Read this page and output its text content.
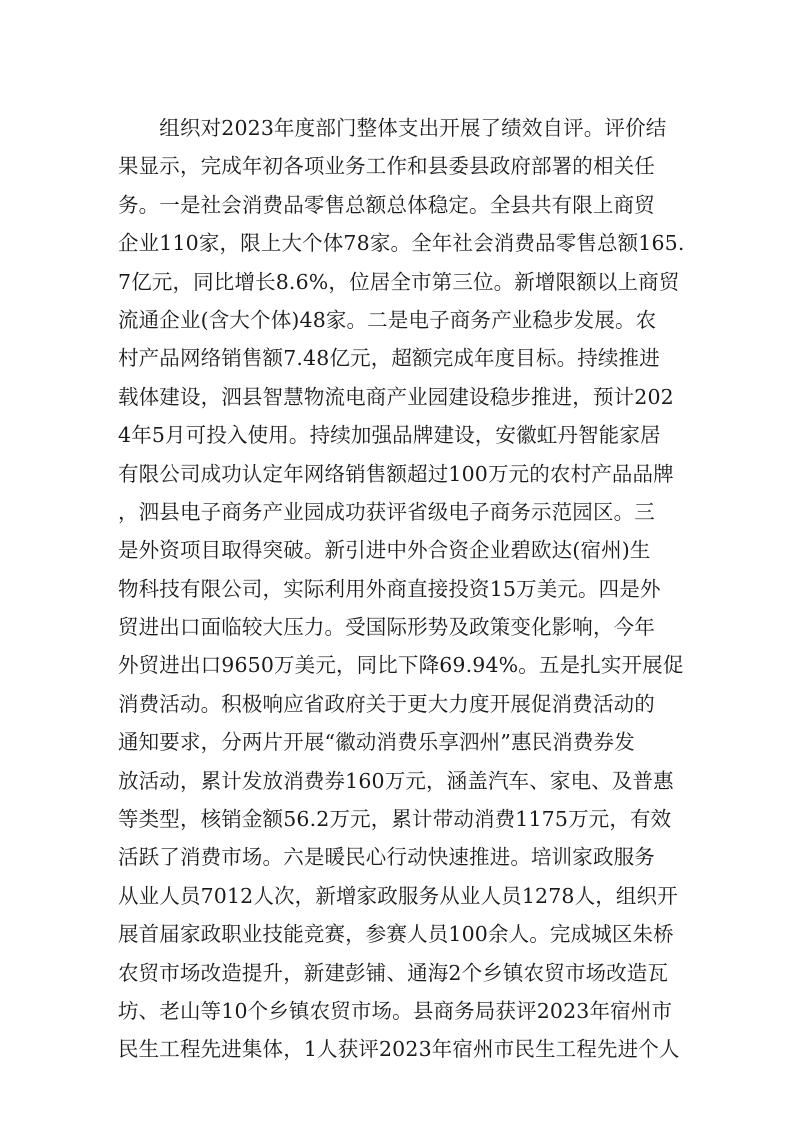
　　组织对2023年度部门整体支出开展了绩效自评。评价结
果显示，完成年初各项业务工作和县委县政府部署的相关任
务。一是社会消费品零售总额总体稳定。全县共有限上商贸
企业110家，限上大个体78家。全年社会消费品零售总额165.
7亿元，同比增长8.6%，位居全市第三位。新增限额以上商贸
流通企业(含大个体)48家。二是电子商务产业稳步发展。农
村产品网络销售额7.48亿元，超额完成年度目标。持续推进
载体建设，泗县智慧物流电商产业园建设稳步推进，预计202
4年5月可投入使用。持续加强品牌建设，安徽虹丹智能家居
有限公司成功认定年网络销售额超过100万元的农村产品品牌
，泗县电子商务产业园成功获评省级电子商务示范园区。三
是外资项目取得突破。新引进中外合资企业碧欧达(宿州)生
物科技有限公司，实际利用外商直接投资15万美元。四是外
贸进出口面临较大压力。受国际形势及政策变化影响，今年
外贸进出口9650万美元，同比下降69.94%。五是扎实开展促
消费活动。积极响应省政府关于更大力度开展促消费活动的
通知要求，分两片开展“徽动消费乐享泗州”惠民消费券发
放活动，累计发放消费券160万元，涵盖汽车、家电、及普惠
等类型，核销金额56.2万元，累计带动消费1175万元，有效
活跃了消费市场。六是暖民心行动快速推进。培训家政服务
从业人员7012人次，新增家政服务从业人员1278人，组织开
展首届家政职业技能竞赛，参赛人员100余人。完成城区朱桥
农贸市场改造提升，新建彭铺、通海2个乡镇农贸市场改造瓦
坊、老山等10个乡镇农贸市场。县商务局获评2023年宿州市
民生工程先进集体，1人获评2023年宿州市民生工程先进个人
